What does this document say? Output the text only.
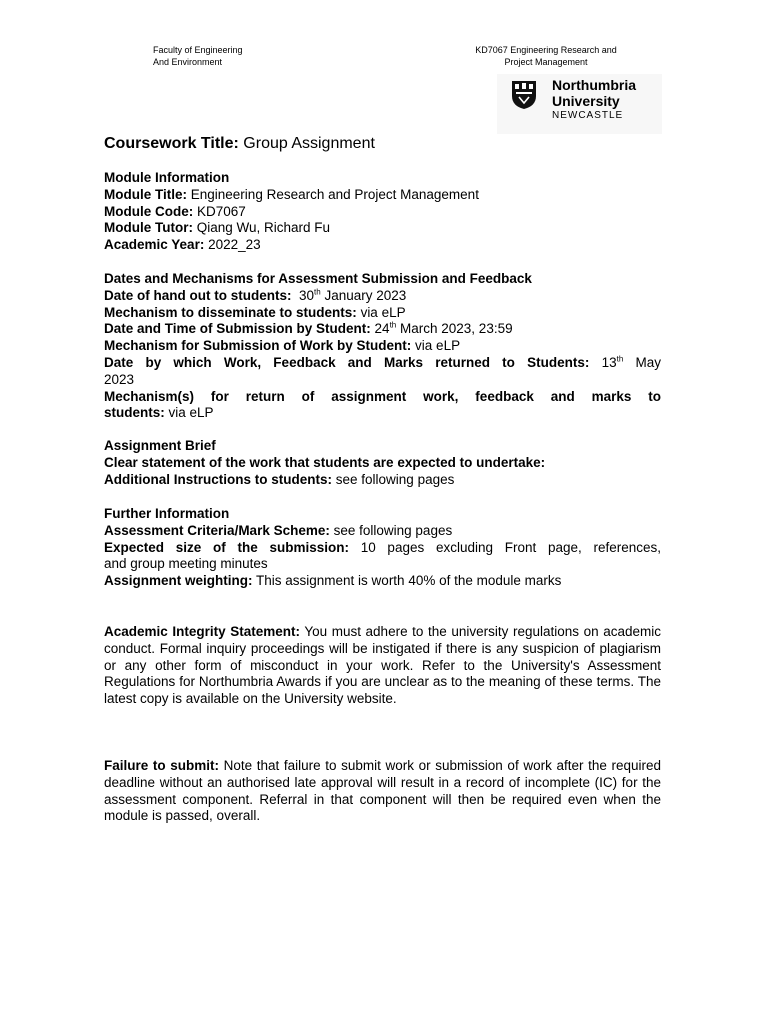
Faculty of Engineering
And Environment
KD7067 Engineering Research and
Project Management
Northumbria
University
NEWCASTLE
Coursework Title: Group Assignment

Module Information

Module Title: Engineering Research and Project Management

Module Code: KD7067

Module Tutor: Qiang Wu, Richard Fu

Academic Year: 2022_23

Dates and Mechanisms for Assessment Submission and Feedback

Date of hand out to students: 30th January 2023

Mechanism to disseminate to students: via eLP

Date and Time of Submission by Student: 24th March 2023, 23:59

Mechanism for Submission of Work by Student: via eLP

Date by which Work, Feedback and Marks returned to Students: 13th May

2023

Mechanism(s) for return of assignment work, feedback and marks to

students: via eLP

Assignment Brief

Clear statement of the work that students are expected to undertake:

Additional Instructions to students: see following pages

Further Information

Assessment Criteria/Mark Scheme: see following pages

Expected size of the submission: 10 pages excluding Front page, references,

and group meeting minutes

Assignment weighting: This assignment is worth 40% of the module marks

Academic Integrity Statement: You must adhere to the university regulations on academic conduct. Formal inquiry proceedings will be instigated if there is any suspicion of plagiarism or any other form of misconduct in your work. Refer to the University's Assessment Regulations for Northumbria Awards if you are unclear as to the meaning of these terms. The latest copy is available on the University website.

Failure to submit: Note that failure to submit work or submission of work after the required deadline without an authorised late approval will result in a record of incomplete (IC) for the assessment component. Referral in that component will then be required even when the module is passed, overall.
